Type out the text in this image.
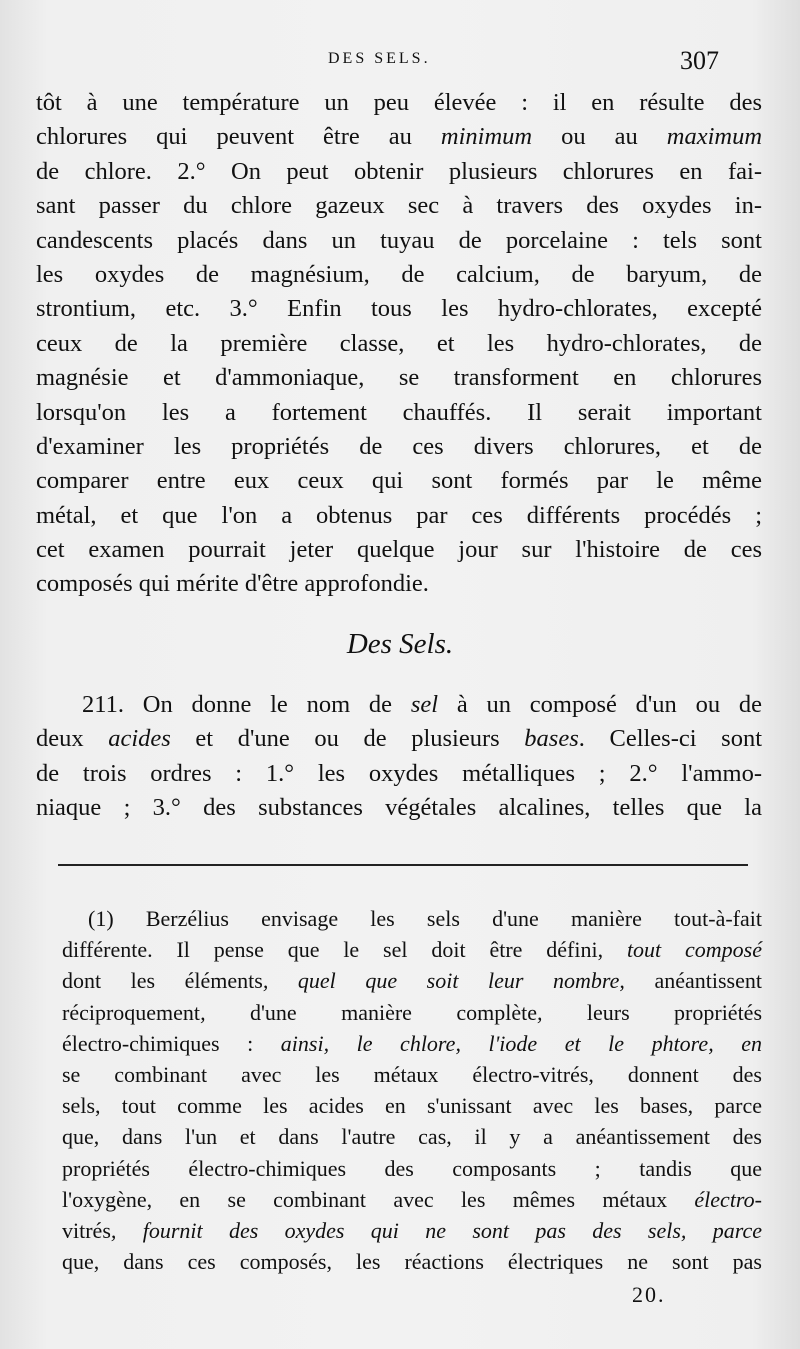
DES SELS.	307
tôt à une température un peu élevée : il en résulte des
chlorures qui peuvent être au minimum ou au maximum
de chlore. 2.° On peut obtenir plusieurs chlorures en fai-
sant passer du chlore gazeux sec à travers des oxydes in-
candescents placés dans un tuyau de porcelaine : tels sont
les oxydes de magnésium, de calcium, de baryum, de
strontium, etc. 3.° Enfin tous les hydro-chlorates, excepté
ceux de la première classe, et les hydro-chlorates, de
magnésie et d'ammoniaque, se transforment en chlorures
lorsqu'on les a fortement chauffés. Il serait important
d'examiner les propriétés de ces divers chlorures, et de
comparer entre eux ceux qui sont formés par le même
métal, et que l'on a obtenus par ces différents procédés ;
cet examen pourrait jeter quelque jour sur l'histoire de ces
composés qui mérite d'être approfondie.
Des Sels.
211. On donne le nom de sel à un composé d'un ou de
deux acides et d'une ou de plusieurs bases. Celles-ci sont
de trois ordres : 1.° les oxydes métalliques ; 2.° l'ammo-
niaque ; 3.° des substances végétales alcalines, telles que la
(1) Berzélius envisage les sels d'une manière tout-à-fait
différente. Il pense que le sel doit être défini, tout composé
dont les éléments, quel que soit leur nombre, anéantissent
réciproquement, d'une manière complète, leurs propriétés
électro-chimiques : ainsi, le chlore, l'iode et le phtore, en
se combinant avec les métaux électro-vitrés, donnent des
sels, tout comme les acides en s'unissant avec les bases, parce
que, dans l'un et dans l'autre cas, il y a anéantissement des
propriétés électro-chimiques des composants ; tandis que
l'oxygène, en se combinant avec les mêmes métaux électro-
vitrés, fournit des oxydes qui ne sont pas des sels, parce
que, dans ces composés, les réactions électriques ne sont pas
20.
